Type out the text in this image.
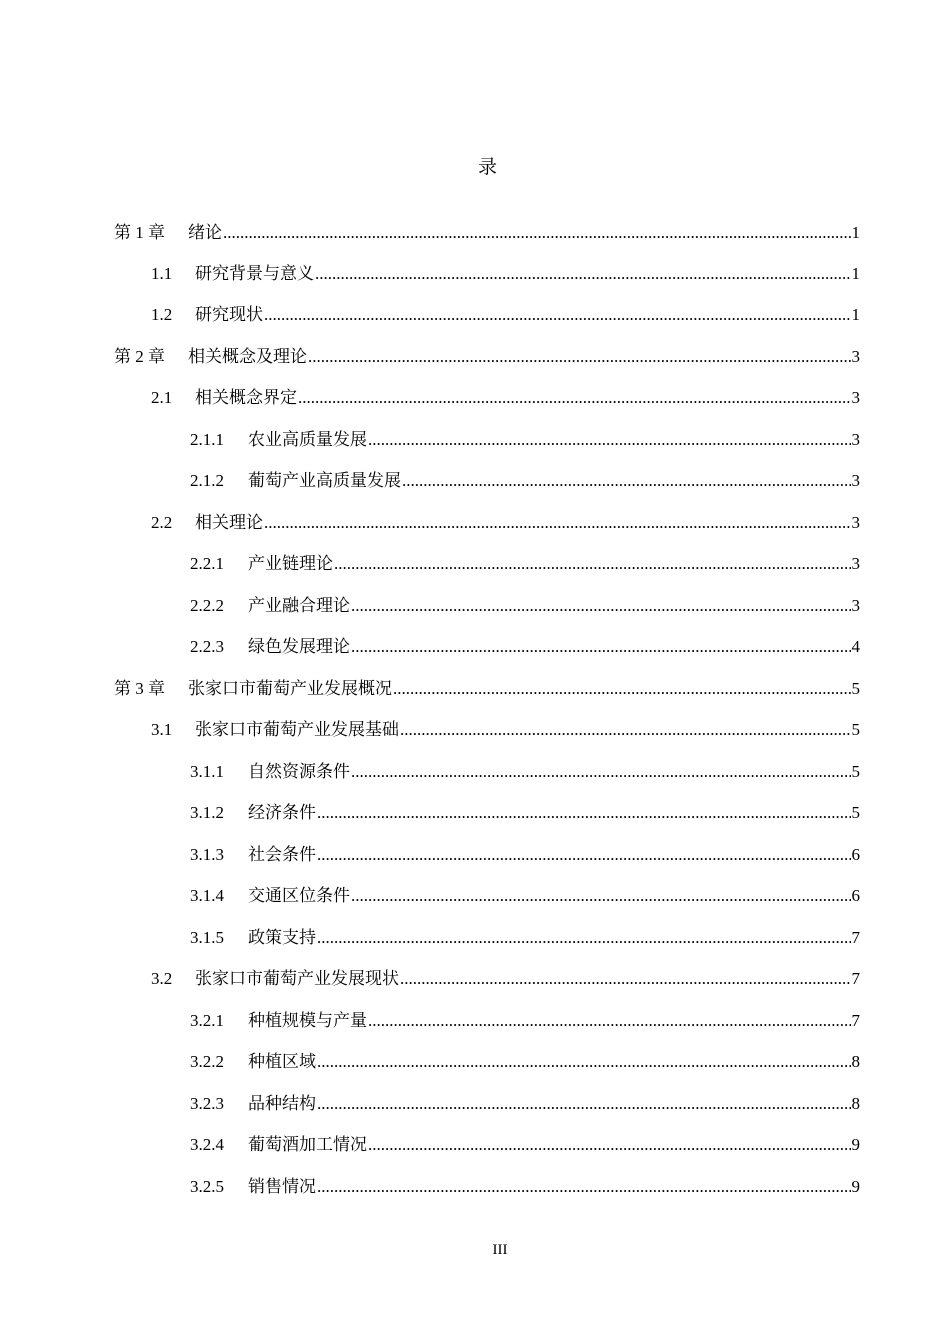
录
第 1 章	绪论 .....	1
1.1	研究背景与意义 .....	1
1.2	研究现状 .....	1
第 2 章	相关概念及理论 .....	3
2.1	相关概念界定 .....	3
2.1.1	农业高质量发展 .....	3
2.1.2	葡萄产业高质量发展 .....	3
2.2	相关理论 .....	3
2.2.1	产业链理论 .....	3
2.2.2	产业融合理论 .....	3
2.2.3	绿色发展理论 .....	4
第 3 章	张家口市葡萄产业发展概况 .....	5
3.1	张家口市葡萄产业发展基础 .....	5
3.1.1	自然资源条件 .....	5
3.1.2	经济条件 .....	5
3.1.3	社会条件 .....	6
3.1.4	交通区位条件 .....	6
3.1.5	政策支持 .....	7
3.2	张家口市葡萄产业发展现状 .....	7
3.2.1	种植规模与产量 .....	7
3.2.2	种植区域 .....	8
3.2.3	品种结构 .....	8
3.2.4	葡萄酒加工情况 .....	9
3.2.5	销售情况 .....	9
III
